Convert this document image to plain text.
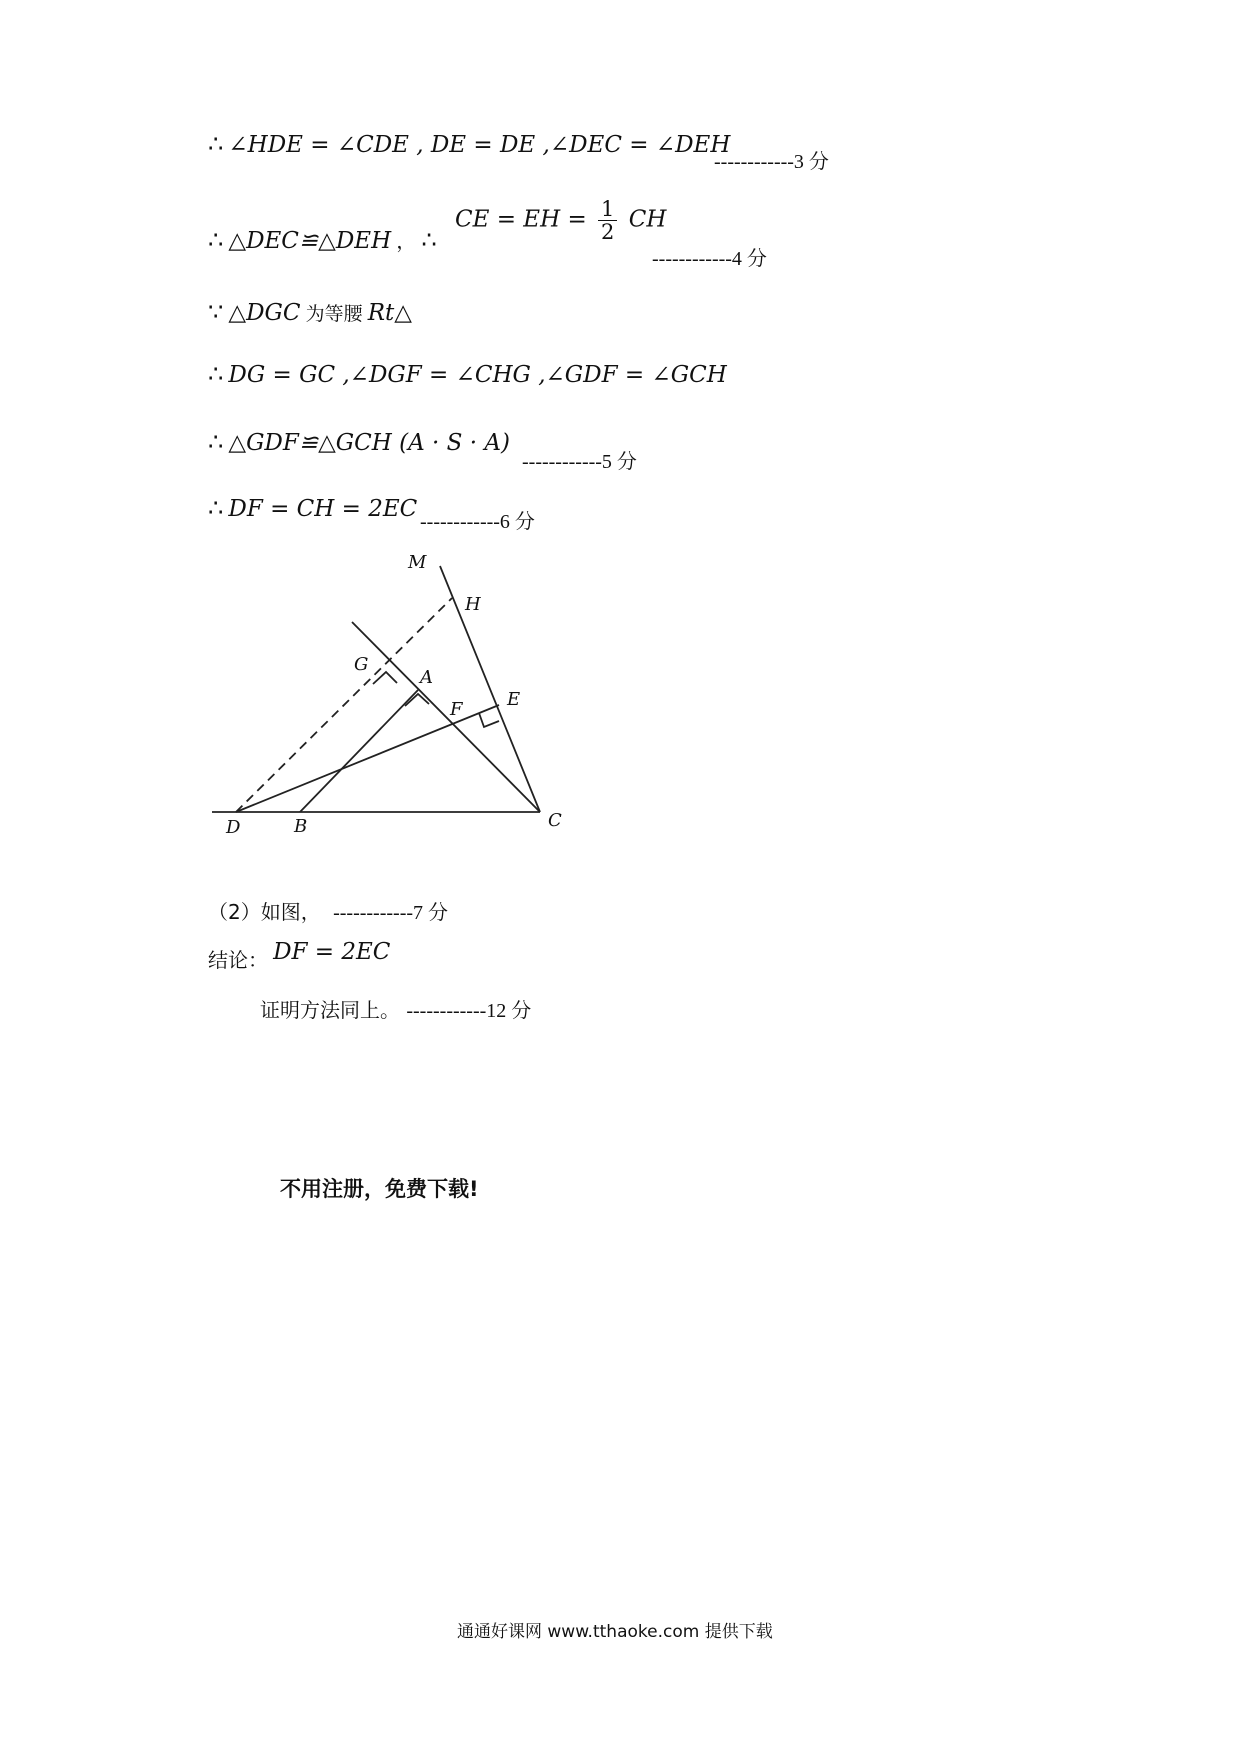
∴ ∠HDE = ∠CDE , DE = DE ,∠DEC = ∠DEH
------------3 分
∴ △DEC≌△DEH ， ∴
CE = EH = $\frac{1}{2}$ CH
------------4 分
∵ △DGC 为等腰 Rt△
∴ DG = GC ,∠DGF = ∠CHG ,∠GDF = ∠GCH
∴ △GDF≌△GCH (A · S · A)
------------5 分
∴ DF = CH = 2EC ------------6 分
M
H
G
A
F E
D	B	C
（2）如图， ------------7 分
结论： DF = 2EC
证明方法同上。 ------------12 分
不用注册，免费下载!
通通好课网 www.tthaoke.com 提供下载
